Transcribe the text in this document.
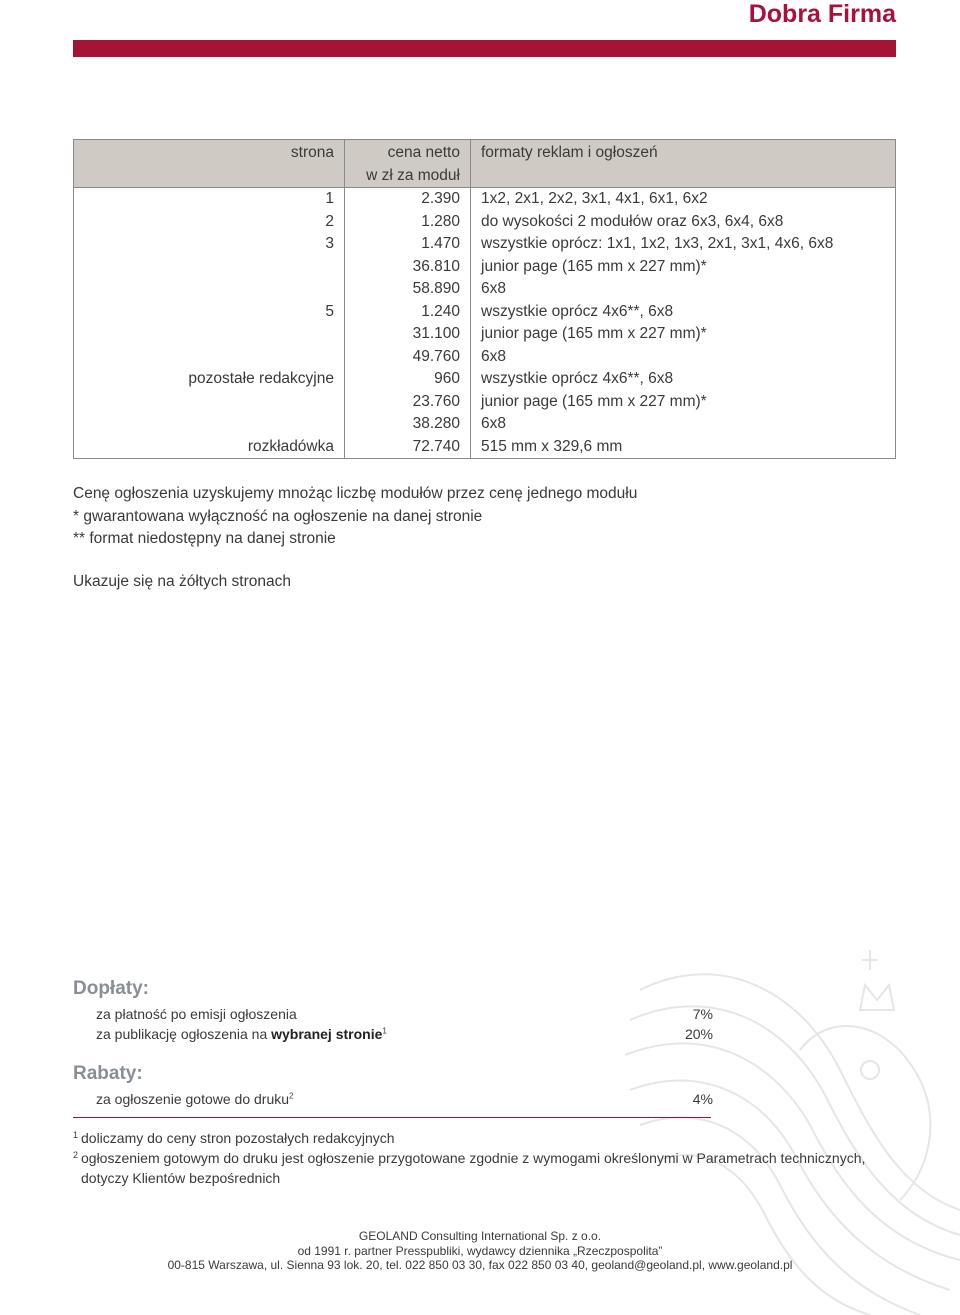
Dobra Firma
strona	cena netto	formaty reklam i ogłoszeń
	w zł za moduł	
1	2.390	1x2, 2x1, 2x2, 3x1, 4x1, 6x1, 6x2
2	1.280	do wysokości 2 modułów oraz 6x3, 6x4, 6x8
3	1.470	wszystkie oprócz: 1x1, 1x2, 1x3, 2x1, 3x1, 4x6, 6x8
	36.810	junior page (165 mm x 227 mm)*
	58.890	6x8
5	1.240	wszystkie oprócz 4x6**, 6x8
	31.100	junior page (165 mm x 227 mm)*
	49.760	6x8
pozostałe redakcyjne	960	wszystkie oprócz 4x6**, 6x8
	23.760	junior page (165 mm x 227 mm)*
	38.280	6x8
rozkładówka	72.740	515 mm x 329,6 mm
Cenę ogłoszenia uzyskujemy mnożąc liczbę modułów przez cenę jednego modułu
* gwarantowana wyłączność na ogłoszenie na danej stronie
** format niedostępny na danej stronie
Ukazuje się na żółtych stronach
Dopłaty:
za płatność po emisji ogłoszenia	7%
za publikację ogłoszenia na wybranej stronie$^1$	20%
Rabaty:
za ogłoszenie gotowe do druku$^2$	4%
1 doliczamy do ceny stron pozostałych redakcyjnych
2 ogłoszeniem gotowym do druku jest ogłoszenie przygotowane zgodnie z wymogami określonymi w Parametrach technicznych,
dotyczy Klientów bezpośrednich
GEOLAND Consulting International Sp. z o.o.
od 1991 r. partner Presspubliki, wydawcy dziennika „Rzeczpospolita”
00-815 Warszawa, ul. Sienna 93 lok. 20, tel. 022 850 03 30, fax 022 850 03 40, geoland@geoland.pl, www.geoland.pl
